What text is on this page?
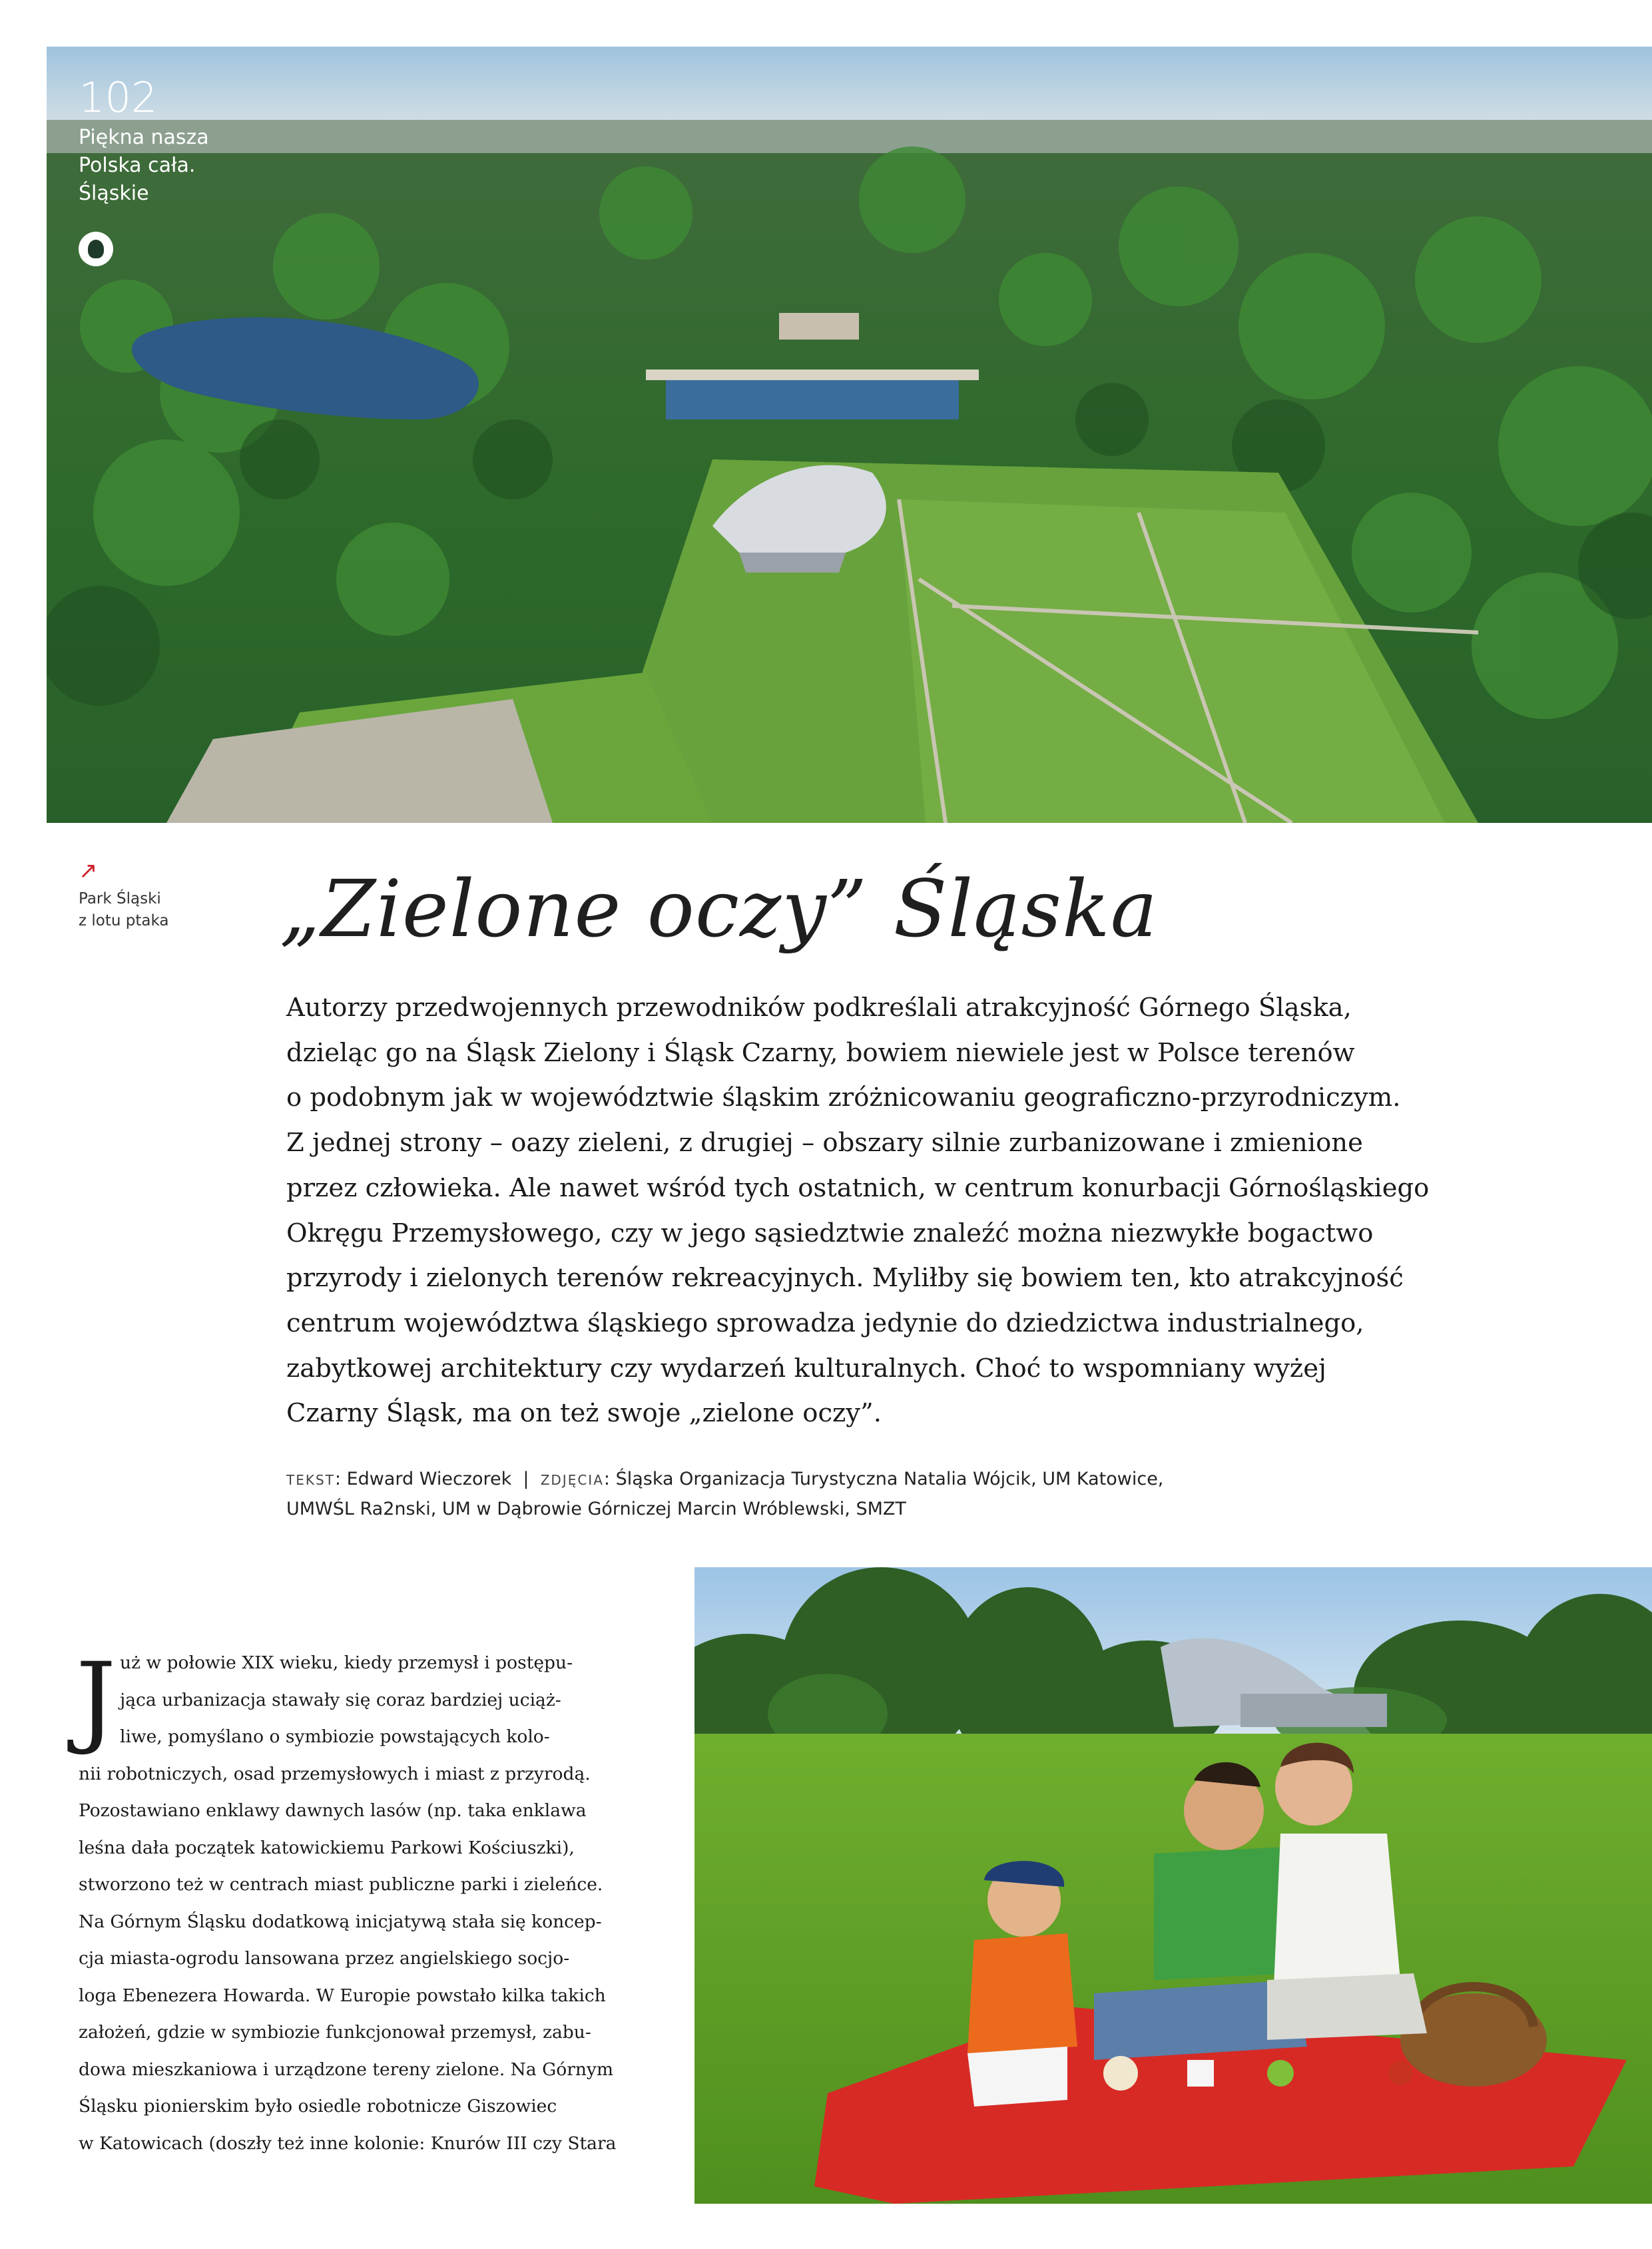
102
Piękna nasza
Polska cała.
Śląskie
↗
Park Śląski
z lotu ptaka	„Zielone oczy” Śląska
Autorzy przedwojennych przewodników podkreślali atrakcyjność Górnego Śląska,
dzieląc go na Śląsk Zielony i Śląsk Czarny, bowiem niewiele jest w Polsce terenów
o podobnym jak w województwie śląskim zróżnicowaniu geograficzno-przyrodniczym.
Z jednej strony – oazy zieleni, z drugiej – obszary silnie zurbanizowane i zmienione
przez człowieka. Ale nawet wśród tych ostatnich, w centrum konurbacji Górnośląskiego
Okręgu Przemysłowego, czy w jego sąsiedztwie znaleźć można niezwykłe bogactwo
przyrody i zielonych terenów rekreacyjnych. Myliłby się bowiem ten, kto atrakcyjność
centrum województwa śląskiego sprowadza jedynie do dziedzictwa industrialnego,
zabytkowej architektury czy wydarzeń kulturalnych. Choć to wspomniany wyżej
Czarny Śląsk, ma on też swoje „zielone oczy”.
TEKST: Edward Wieczorek | ZDJĘCIA: Śląska Organizacja Turystyczna Natalia Wójcik, UM Katowice,
UMWŚL Ra2nski, UM w Dąbrowie Górniczej Marcin Wróblewski, SMZT
J uż w połowie XIX wieku, kiedy przemysł i postępu-
jąca urbanizacja stawały się coraz bardziej uciąż-
liwe, pomyślano o symbiozie powstających kolo-
nii robotniczych, osad przemysłowych i miast z przyrodą.
Pozostawiano enklawy dawnych lasów (np. taka enklawa
leśna dała początek katowickiemu Parkowi Kościuszki),
stworzono też w centrach miast publiczne parki i zieleńce.
Na Górnym Śląsku dodatkową inicjatywą stała się koncep-
cja miasta-ogrodu lansowana przez angielskiego socjo-
loga Ebenezera Howarda. W Europie powstało kilka takich
założeń, gdzie w symbiozie funkcjonował przemysł, zabu-
dowa mieszkaniowa i urządzone tereny zielone. Na Górnym
Śląsku pionierskim było osiedle robotnicze Giszowiec
w Katowicach (doszły też inne kolonie: Knurów III czy Stara
